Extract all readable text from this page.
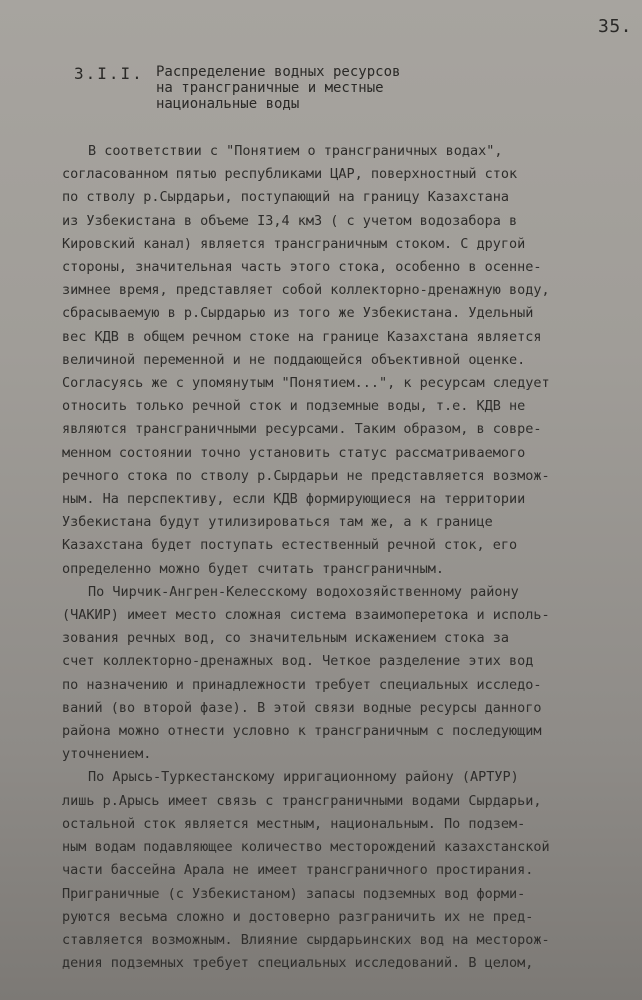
35.
3.I.I. Распределение водных ресурсов
на трансграничные и местные
национальные воды
В соответствии с "Понятием о трансграничных водах",
согласованном пятью республиками ЦАР, поверхностный сток
по стволу р.Сырдарьи, поступающий на границу Казахстана
из Узбекистана в объеме I3,4 км3 ( с учетом водозабора в
Кировский канал) является трансграничным стоком. С другой
стороны, значительная часть этого стока, особенно в осенне-
зимнее время, представляет собой коллекторно-дренажную воду,
сбрасываемую в р.Сырдарью из того же Узбекистана. Удельный
вес КДВ в общем речном стоке на границе Казахстана является
величиной переменной и не поддающейся объективной оценке.
Согласуясь же с упомянутым "Понятием...", к ресурсам следует
относить только речной сток и подземные воды, т.е. КДВ не
являются трансграничными ресурсами. Таким образом, в совре-
менном состоянии точно установить статус рассматриваемого
речного стока по стволу р.Сырдарьи не представляется возмож-
ным. На перспективу, если КДВ формирующиеся на территории
Узбекистана будут утилизироваться там же, а к границе
Казахстана будет поступать естественный речной сток, его
определенно можно будет считать трансграничным.
По Чирчик-Ангрен-Келесскому водохозяйственному району
(ЧАКИР) имеет место сложная система взаимоперетока и исполь-
зования речных вод, со значительным искажением стока за
счет коллекторно-дренажных вод. Четкое разделение этих вод
по назначению и принадлежности требует специальных исследо-
ваний (во второй фазе). В этой связи водные ресурсы данного
района можно отнести условно к трансграничным с последующим
уточнением.
По Арысь-Туркестанскому ирригационному району (АРТУР)
лишь р.Арысь имеет связь с трансграничными водами Сырдарьи,
остальной сток является местным, национальным. По подзем-
ным водам подавляющее количество месторождений казахстанской
части бассейна Арала не имеет трансграничного простирания.
Приграничные (с Узбекистаном) запасы подземных вод форми-
руются весьма сложно и достоверно разграничить их не пред-
ставляется возможным. Влияние сырдарьинских вод на месторож-
дения подземных требует специальных исследований. В целом,
